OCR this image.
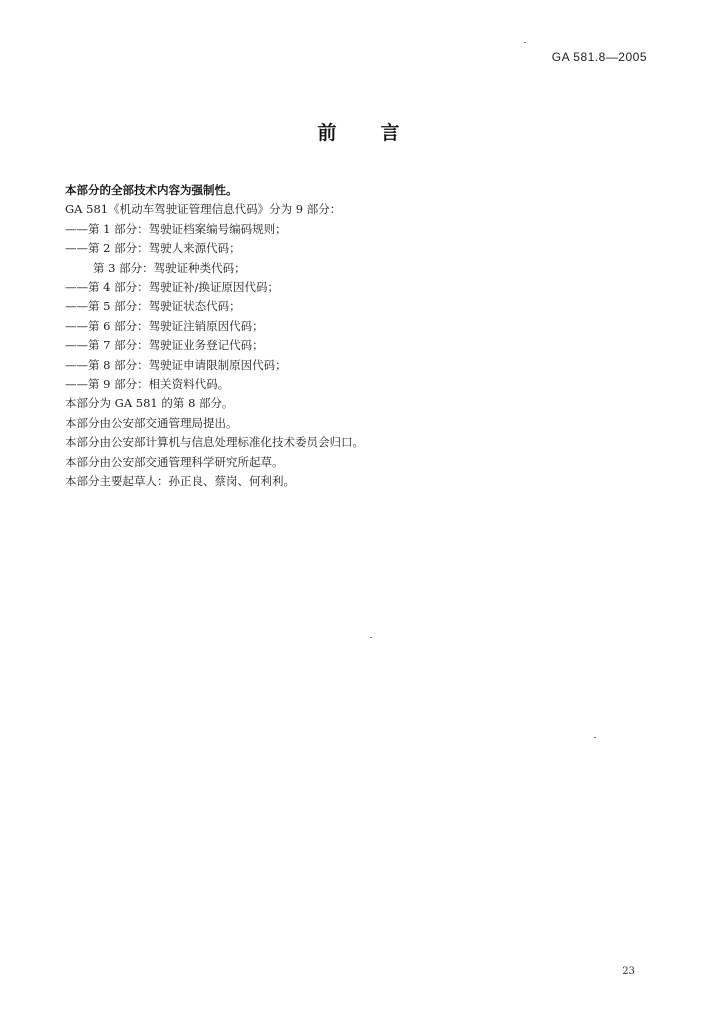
GA 581.8—2005
前言
本部分的全部技术内容为强制性。
GA 581《机动车驾驶证管理信息代码》分为 9 部分：
——第 1 部分：驾驶证档案编号编码规则；
——第 2 部分：驾驶人来源代码；
第 3 部分：驾驶证种类代码；
——第 4 部分：驾驶证补/换证原因代码；
——第 5 部分：驾驶证状态代码；
——第 6 部分：驾驶证注销原因代码；
——第 7 部分：驾驶证业务登记代码；
——第 8 部分：驾驶证申请限制原因代码；
——第 9 部分：相关资料代码。
本部分为 GA 581 的第 8 部分。
本部分由公安部交通管理局提出。
本部分由公安部计算机与信息处理标准化技术委员会归口。
本部分由公安部交通管理科学研究所起草。
本部分主要起草人：孙正良、蔡岗、何利利。
23
